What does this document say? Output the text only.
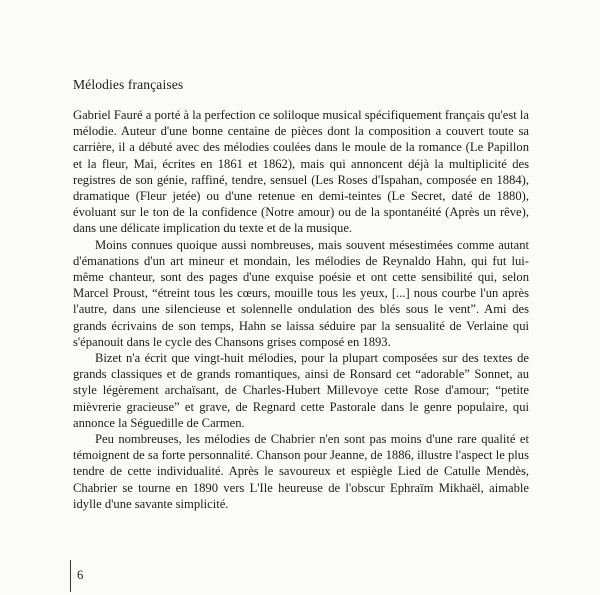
Mélodies françaises

Gabriel Fauré a porté à la perfection ce soliloque musical spécifiquement français qu'est la mélodie. Auteur d'une bonne centaine de pièces dont la composition a couvert toute sa carrière, il a débuté avec des mélodies coulées dans le moule de la romance (Le Papillon et la fleur, Mai, écrites en 1861 et 1862), mais qui annoncent déjà la multiplicité des registres de son génie, raffiné, tendre, sensuel (Les Roses d'Ispahan, composée en 1884), dramatique (Fleur jetée) ou d'une retenue en demi-teintes (Le Secret, daté de 1880), évoluant sur le ton de la confidence (Notre amour) ou de la spontanéité (Après un rêve), dans une délicate implication du texte et de la musique.

Moins connues quoique aussi nombreuses, mais souvent mésestimées comme autant d'émanations d'un art mineur et mondain, les mélodies de Reynaldo Hahn, qui fut lui-même chanteur, sont des pages d'une exquise poésie et ont cette sensibilité qui, selon Marcel Proust, “étreint tous les cœurs, mouille tous les yeux, [...] nous courbe l'un après l'autre, dans une silencieuse et solennelle ondulation des blés sous le vent”. Ami des grands écrivains de son temps, Hahn se laissa séduire par la sensualité de Verlaine qui s'épanouit dans le cycle des Chansons grises composé en 1893.

Bizet n'a écrit que vingt-huit mélodies, pour la plupart composées sur des textes de grands classiques et de grands romantiques, ainsi de Ronsard cet “adorable” Sonnet, au style légèrement archaïsant, de Charles-Hubert Millevoye cette Rose d'amour; “petite mièvrerie gracieuse” et grave, de Regnard cette Pastorale dans le genre populaire, qui annonce la Séguedille de Carmen.

Peu nombreuses, les mélodies de Chabrier n'en sont pas moins d'une rare qualité et témoignent de sa forte personnalité. Chanson pour Jeanne, de 1886, illustre l'aspect le plus tendre de cette individualité. Après le savoureux et espiègle Lied de Catulle Mendès, Chabrier se tourne en 1890 vers L'Ile heureuse de l'obscur Ephraïm Mikhaël, aimable idylle d'une savante simplicité.

6
